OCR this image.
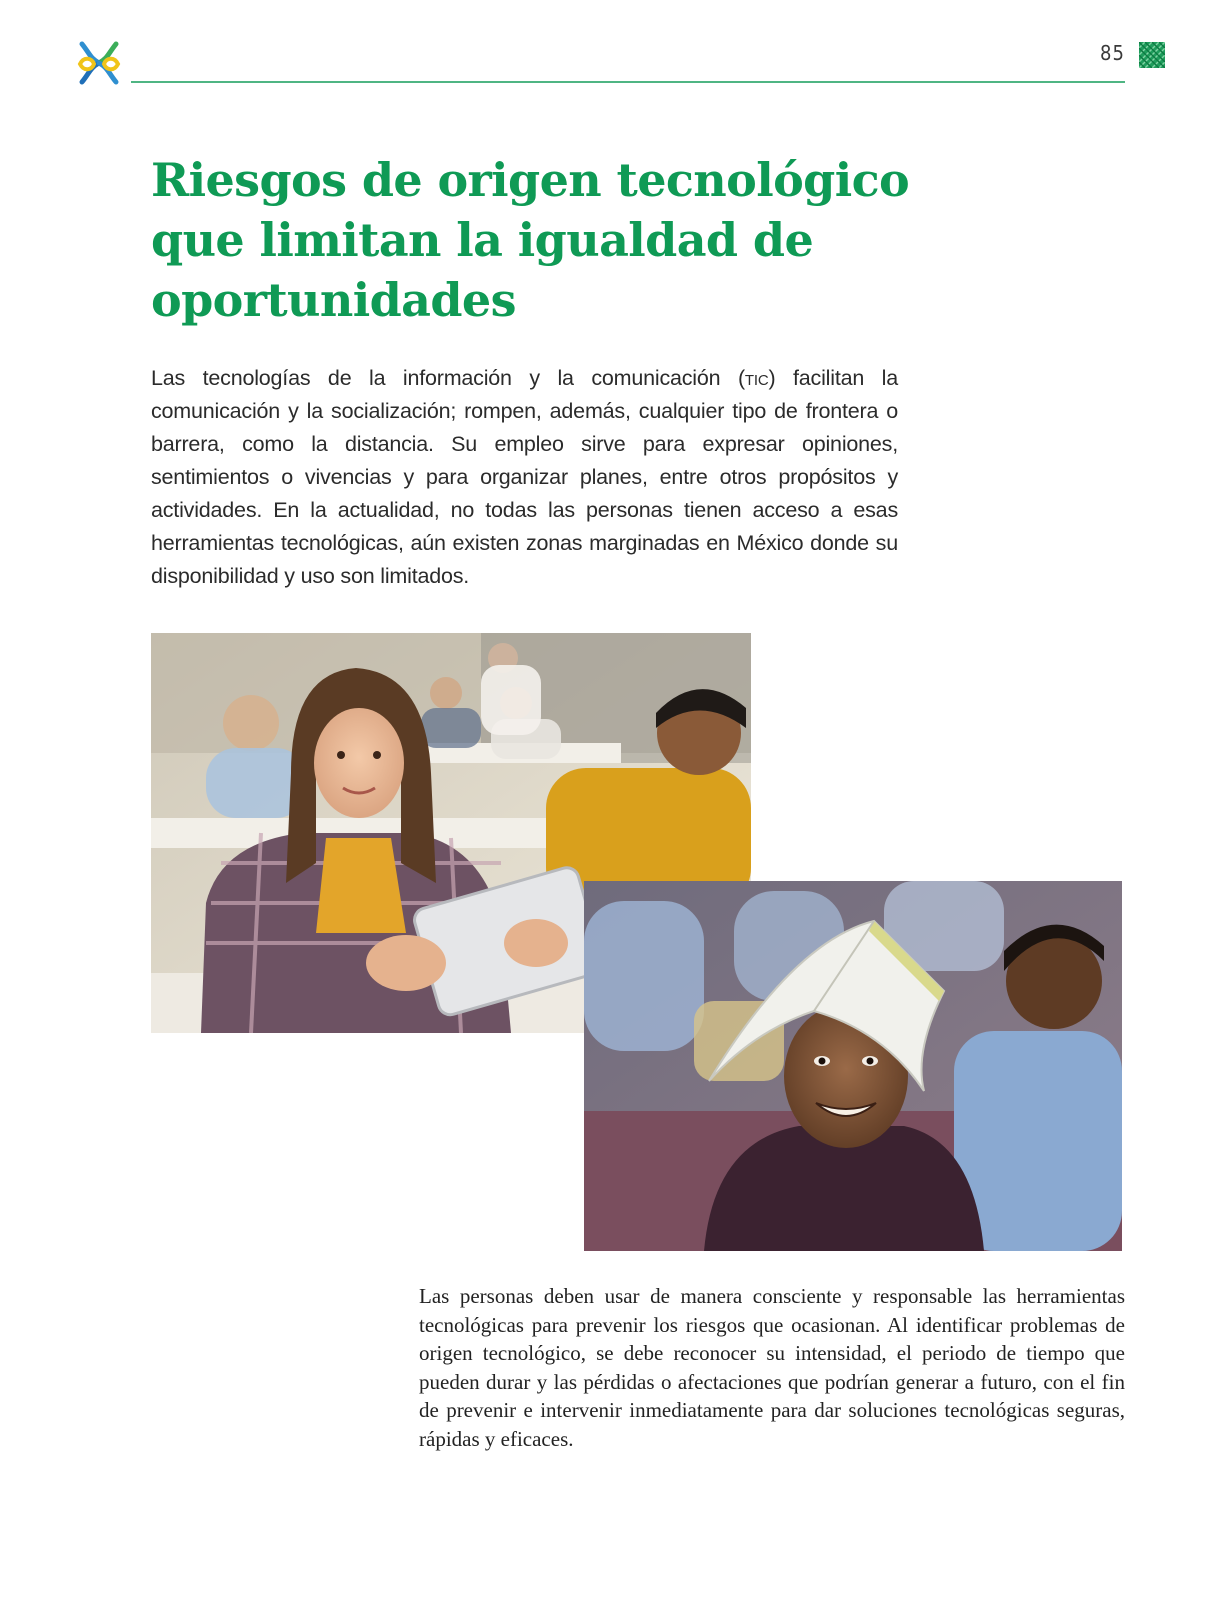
85
Riesgos de origen tecnológico
que limitan la igualdad de
oportunidades

Las tecnologías de la información y la comunicación (tic) facilitan la comunicación y la socialización; rompen, además, cualquier tipo de frontera o barrera, como la distancia. Su empleo sirve para expresar opiniones, sentimientos o vivencias y para organizar planes, entre otros propósitos y actividades. En la actualidad, no todas las personas tienen acceso a esas herramientas tecnológicas, aún existen zonas marginadas en México donde su disponibilidad y uso son limitados.

Las personas deben usar de manera consciente y responsable las herramientas tecnológicas para prevenir los riesgos que ocasionan. Al identificar problemas de origen tecnológico, se debe reconocer su intensidad, el periodo de tiempo que pueden durar y las pérdidas o afectaciones que podrían generar a futuro, con el fin de prevenir e intervenir inmediatamente para dar soluciones tecnológicas seguras, rápidas y eficaces.
